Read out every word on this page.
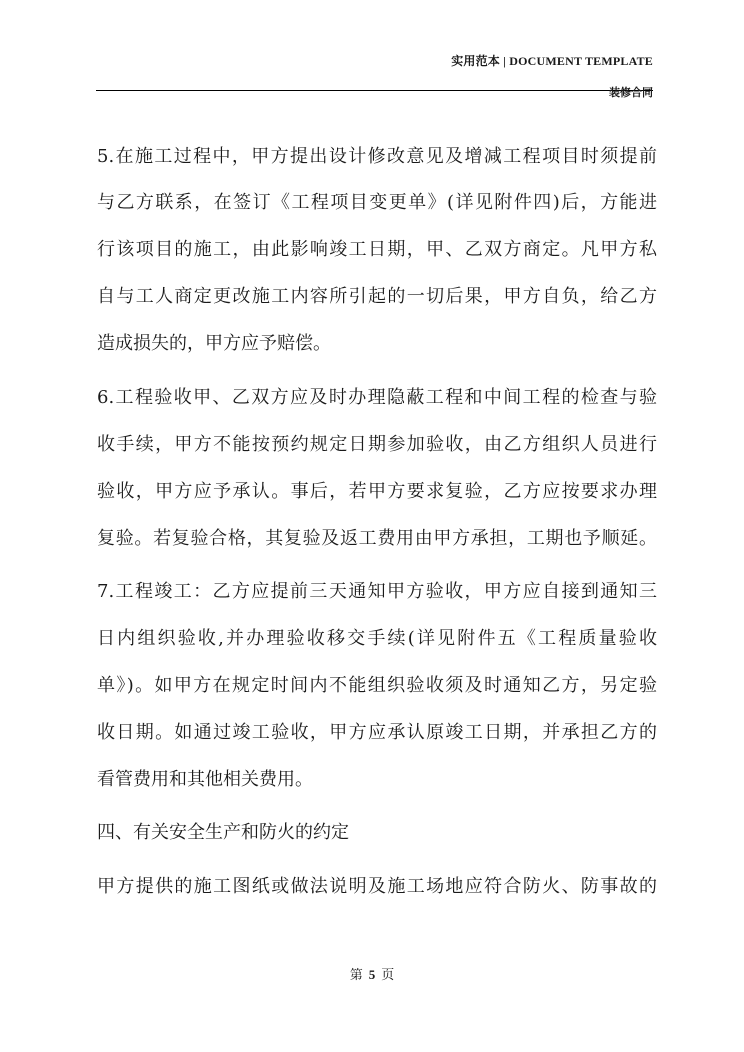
实用范本 | DOCUMENT TEMPLATE
装修合同
5.在施工过程中，甲方提出设计修改意见及增减工程项目时须提前
与乙方联系，在签订《工程项目变更单》(详见附件四)后，方能进
行该项目的施工，由此影响竣工日期，甲、乙双方商定。凡甲方私
自与工人商定更改施工内容所引起的一切后果，甲方自负，给乙方
造成损失的，甲方应予赔偿。
6.工程验收甲、乙双方应及时办理隐蔽工程和中间工程的检查与验
收手续，甲方不能按预约规定日期参加验收，由乙方组织人员进行
验收，甲方应予承认。事后，若甲方要求复验，乙方应按要求办理
复验。若复验合格，其复验及返工费用由甲方承担，工期也予顺延。
7.工程竣工：乙方应提前三天通知甲方验收，甲方应自接到通知三
日内组织验收,并办理验收移交手续(详见附件五《工程质量验收
单》)。如甲方在规定时间内不能组织验收须及时通知乙方，另定验
收日期。如通过竣工验收，甲方应承认原竣工日期，并承担乙方的
看管费用和其他相关费用。
四、有关安全生产和防火的约定
甲方提供的施工图纸或做法说明及施工场地应符合防火、防事故的
第 5 页
